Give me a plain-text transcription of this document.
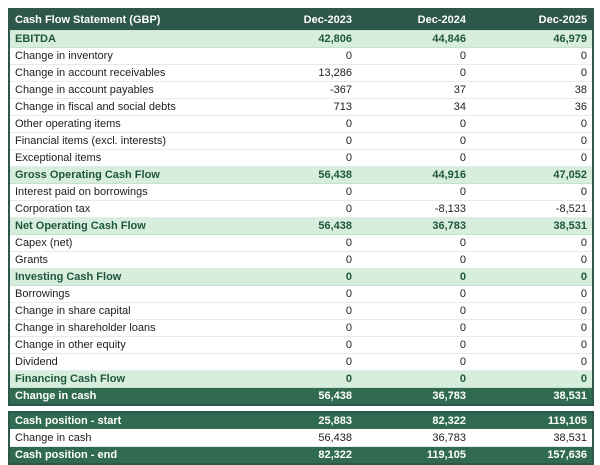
Cash Flow Statement (GBP)	Dec-2023	Dec-2024	Dec-2025
EBITDA	42,806	44,846	46,979
Change in inventory	0	0	0
Change in account receivables	13,286	0	0
Change in account payables	-367	37	38
Change in fiscal and social debts	713	34	36
Other operating items	0	0	0
Financial items (excl. interests)	0	0	0
Exceptional items	0	0	0
Gross Operating Cash Flow	56,438	44,916	47,052
Interest paid on borrowings	0	0	0
Corporation tax	0	-8,133	-8,521
Net Operating Cash Flow	56,438	36,783	38,531
Capex (net)	0	0	0
Grants	0	0	0
Investing Cash Flow	0	0	0
Borrowings	0	0	0
Change in share capital	0	0	0
Change in shareholder loans	0	0	0
Change in other equity	0	0	0
Dividend	0	0	0
Financing Cash Flow	0	0	0
Change in cash	56,438	36,783	38,531
Cash position - start	25,883	82,322	119,105
Change in cash	56,438	36,783	38,531
Cash position - end	82,322	119,105	157,636
